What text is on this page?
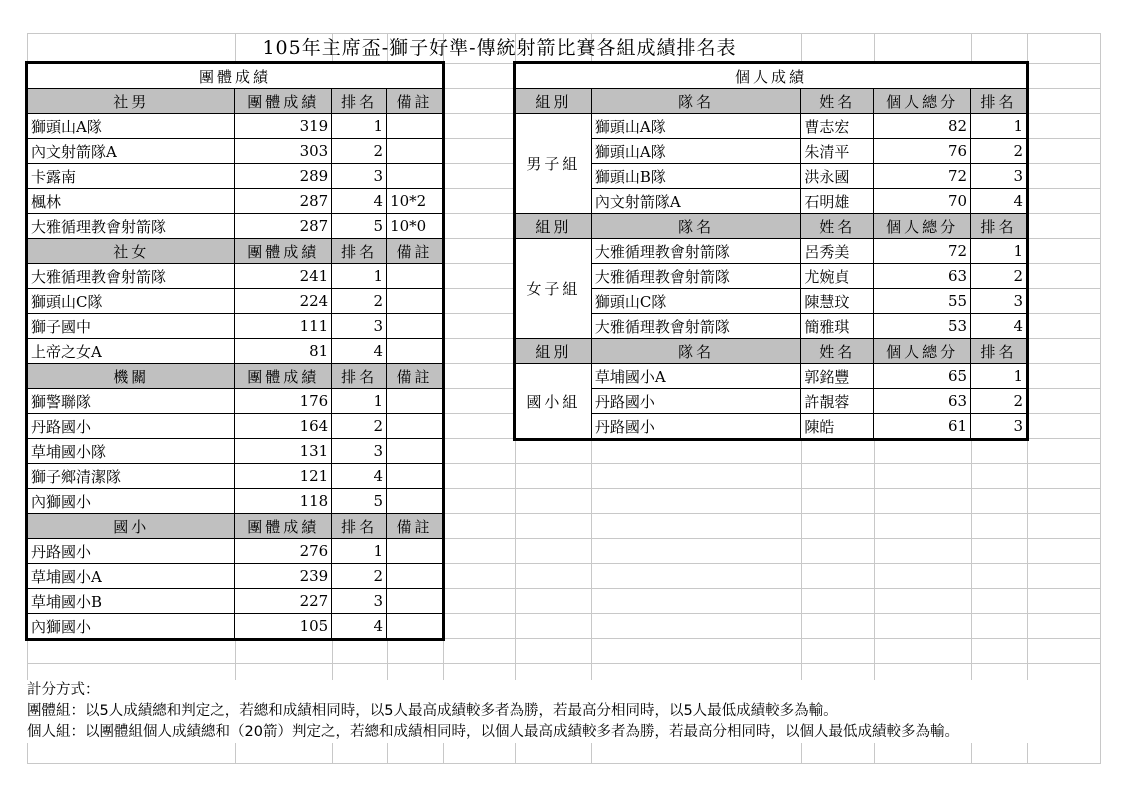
105年主席盃-獅子好準-傳統射箭比賽各組成績排名表
團體成績			
社男	團體成績	排名	備註
獅頭山A隊	319	1	
內文射箭隊A	303	2	
卡露南	289	3	
楓林	287	4	10*2
大雅循理教會射箭隊	287	5	10*0
社女	團體成績	排名	備註
大雅循理教會射箭隊	241	1	
獅頭山C隊	224	2	
獅子國中	111	3	
上帝之女A	81	4	
機關	團體成績	排名	備註
獅警聯隊	176	1	
丹路國小	164	2	
草埔國小隊	131	3	
獅子鄉清潔隊	121	4	
內獅國小	118	5	
國小	團體成績	排名	備註
丹路國小	276	1	
草埔國小A	239	2	
草埔國小B	227	3	
內獅國小	105	4	
個人成績				
組別	隊名	姓名	個人總分	排名
男子組	獅頭山A隊	曹志宏	82	1
	獅頭山A隊	朱清平	76	2
	獅頭山B隊	洪永國	72	3
	內文射箭隊A	石明雄	70	4
組別	隊名	姓名	個人總分	排名
女子組	大雅循理教會射箭隊	呂秀美	72	1
	大雅循理教會射箭隊	尤婉貞	63	2
	獅頭山C隊	陳慧玟	55	3
	大雅循理教會射箭隊	簡雅琪	53	4
組別	隊名	姓名	個人總分	排名
國小組	草埔國小A	郭銘豐	65	1
	丹路國小	許靚蓉	63	2
	丹路國小	陳皓	61	3
計分方式：
團體組：以5人成績總和判定之，若總和成績相同時，以5人最高成績較多者為勝，若最高分相同時，以5人最低成績較多為輸。
個人組：以團體組個人成績總和（20箭）判定之，若總和成績相同時，以個人最高成績較多者為勝，若最高分相同時，以個人最低成績較多為輸。
